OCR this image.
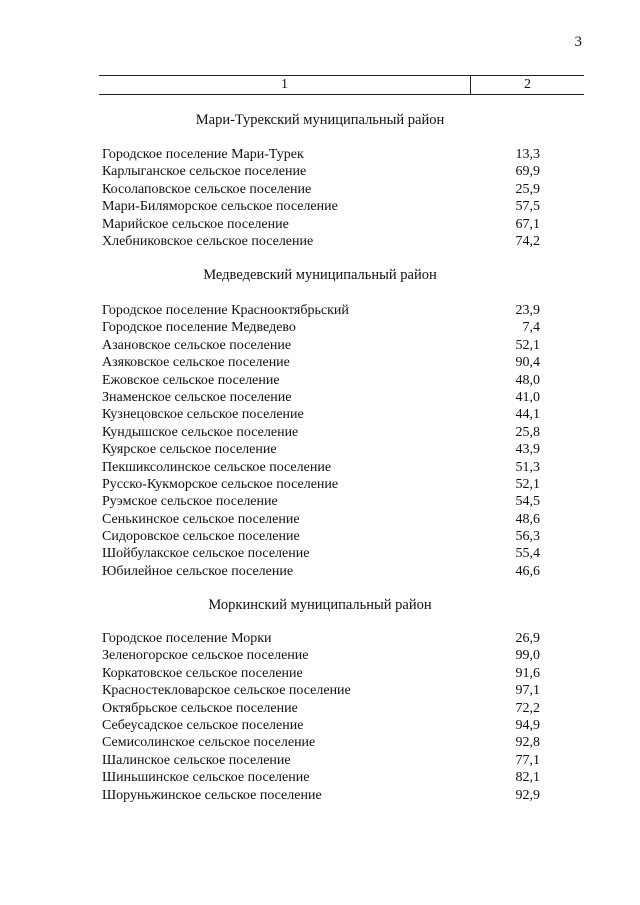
3
1	2
Мари-Турекский муниципальный район
Городское поселение Мари-Турек	13,3
Карлыганское сельское поселение	69,9
Косолаповское сельское поселение	25,9
Мари-Биляморское сельское поселение	57,5
Марийское сельское поселение	67,1
Хлебниковское сельское поселение	74,2
Медведевский муниципальный район
Городское поселение Краснооктябрьский	23,9
Городское поселение Медведево	7,4
Азановское сельское поселение	52,1
Азяковское сельское поселение	90,4
Ежовское сельское поселение	48,0
Знаменское сельское поселение	41,0
Кузнецовское сельское поселение	44,1
Кундышское сельское поселение	25,8
Куярское сельское поселение	43,9
Пекшиксолинское сельское поселение	51,3
Русско-Кукморское сельское поселение	52,1
Руэмское сельское поселение	54,5
Сенькинское сельское поселение	48,6
Сидоровское сельское поселение	56,3
Шойбулакское сельское поселение	55,4
Юбилейное сельское поселение	46,6
Моркинский муниципальный район
Городское поселение Морки	26,9
Зеленогорское сельское поселение	99,0
Коркатовское сельское поселение	91,6
Красностекловарское сельское поселение	97,1
Октябрьское сельское поселение	72,2
Себеусадское сельское поселение	94,9
Семисолинское сельское поселение	92,8
Шалинское сельское поселение	77,1
Шиньшинское сельское поселение	82,1
Шоруньжинское сельское поселение	92,9
